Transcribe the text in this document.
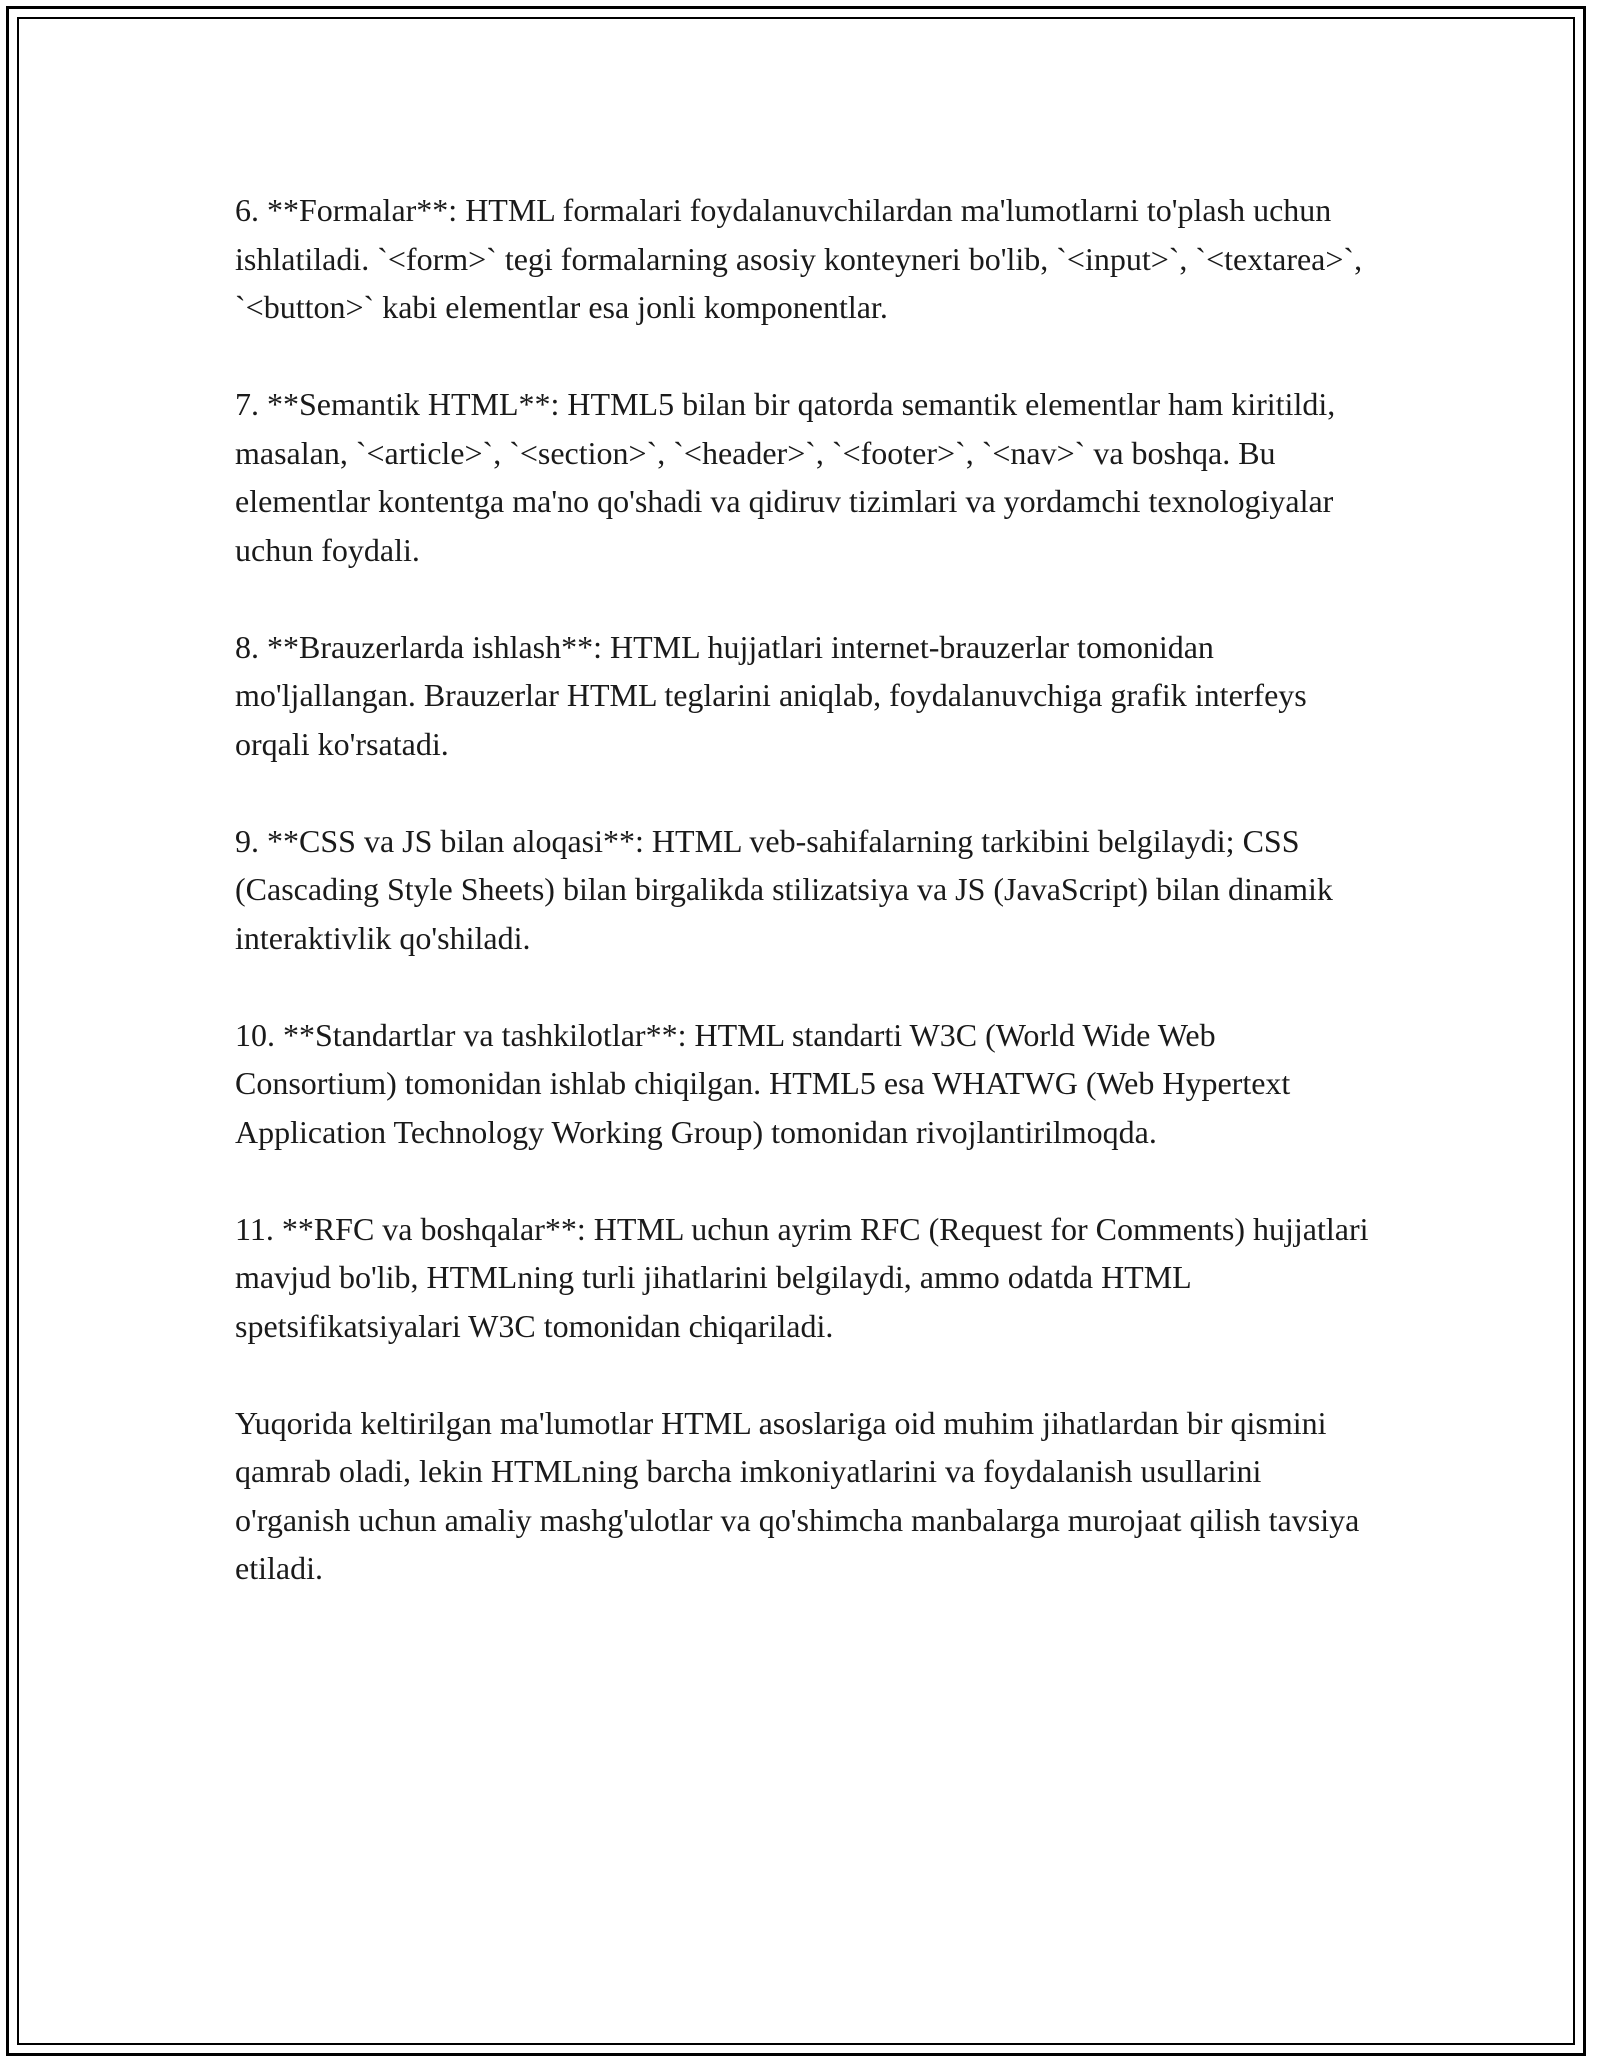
6. **Formalar**: HTML formalari foydalanuvchilardan ma'lumotlarni to'plash uchun ishlatiladi. `<form>` tegi formalarning asosiy konteyneri bo'lib, `<input>`, `<textarea>`, `<button>` kabi elementlar esa jonli komponentlar.

7. **Semantik HTML**: HTML5 bilan bir qatorda semantik elementlar ham kiritildi, masalan, `<article>`, `<section>`, `<header>`, `<footer>`, `<nav>` va boshqa. Bu elementlar kontentga ma'no qo'shadi va qidiruv tizimlari va yordamchi texnologiyalar uchun foydali.

8. **Brauzerlarda ishlash**: HTML hujjatlari internet-brauzerlar tomonidan mo'ljallangan. Brauzerlar HTML teglarini aniqlab, foydalanuvchiga grafik interfeys orqali ko'rsatadi.

9. **CSS va JS bilan aloqasi**: HTML veb-sahifalarning tarkibini belgilaydi; CSS (Cascading Style Sheets) bilan birgalikda stilizatsiya va JS (JavaScript) bilan dinamik interaktivlik qo'shiladi.

10. **Standartlar va tashkilotlar**: HTML standarti W3C (World Wide Web Consortium) tomonidan ishlab chiqilgan. HTML5 esa WHATWG (Web Hypertext Application Technology Working Group) tomonidan rivojlantirilmoqda.

11. **RFC va boshqalar**: HTML uchun ayrim RFC (Request for Comments) hujjatlari mavjud bo'lib, HTMLning turli jihatlarini belgilaydi, ammo odatda HTML spetsifikatsiyalari W3C tomonidan chiqariladi.

Yuqorida keltirilgan ma'lumotlar HTML asoslariga oid muhim jihatlardan bir qismini qamrab oladi, lekin HTMLning barcha imkoniyatlarini va foydalanish usullarini o'rganish uchun amaliy mashg'ulotlar va qo'shimcha manbalarga murojaat qilish tavsiya etiladi.
